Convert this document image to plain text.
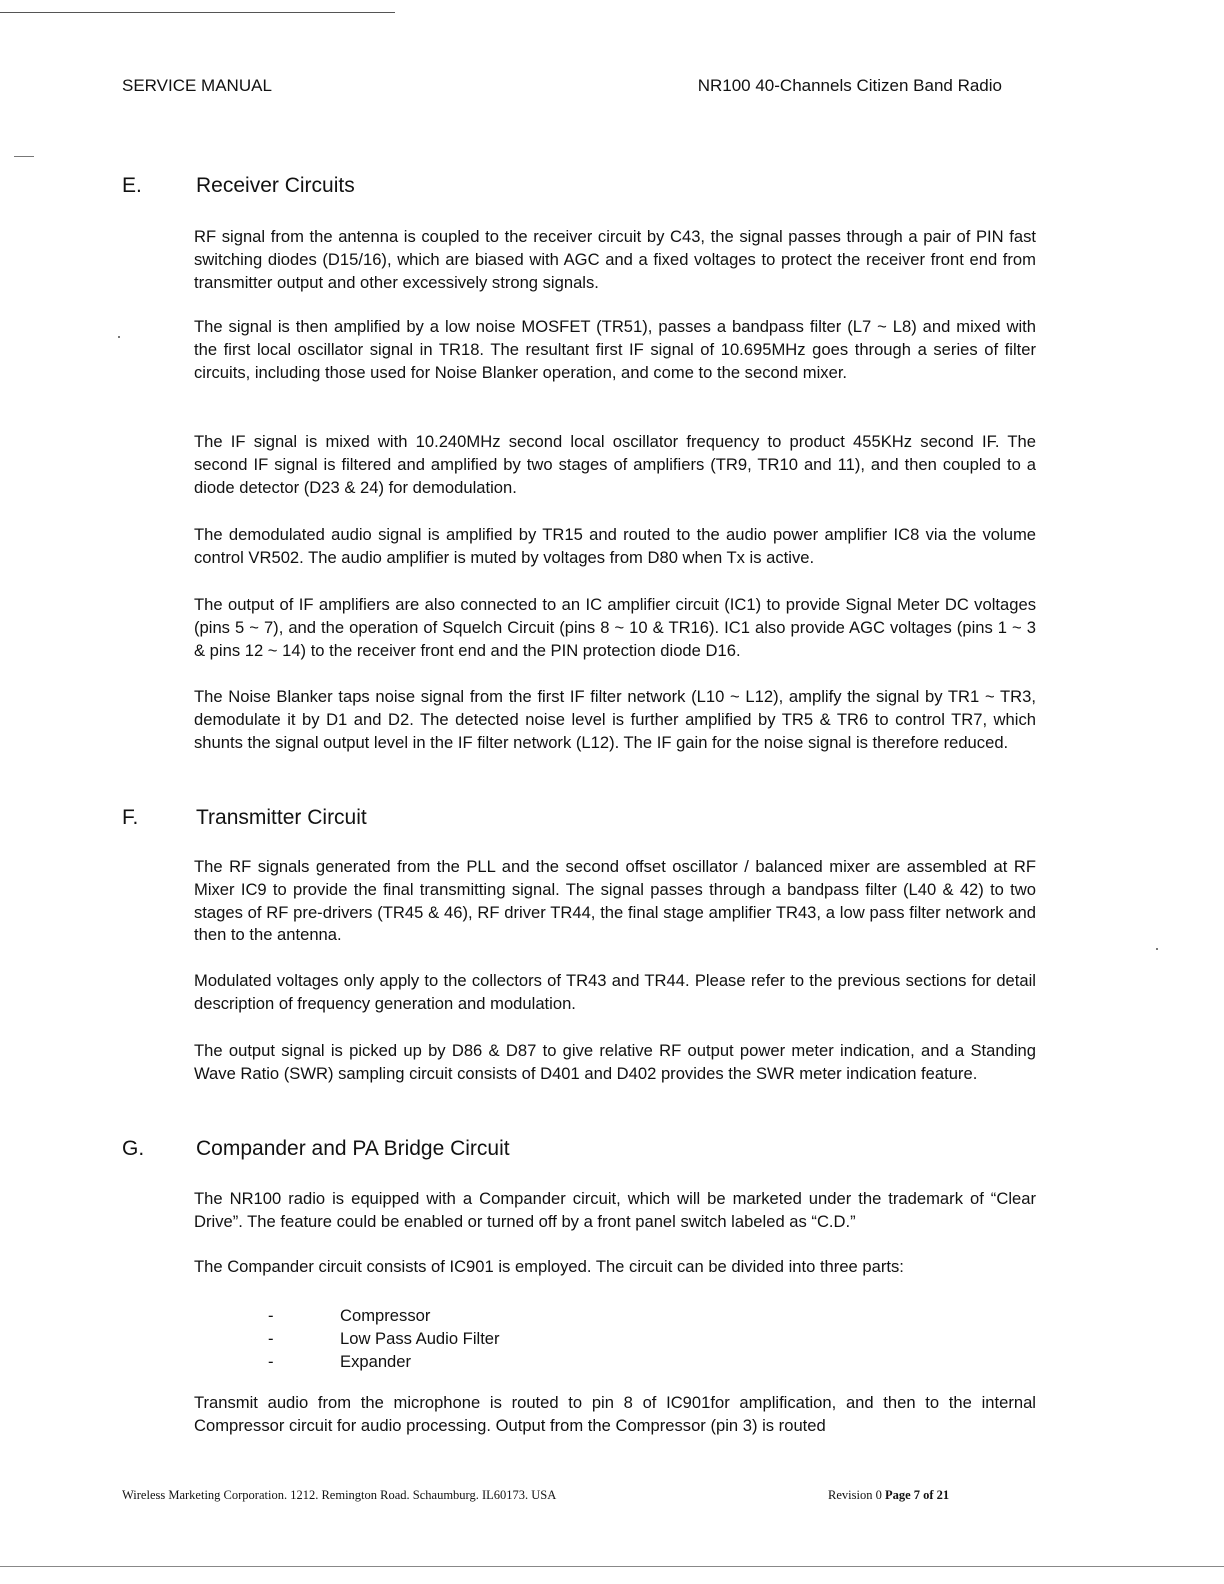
SERVICE MANUAL	NR100 40-Channels Citizen Band Radio
E.	Receiver Circuits

RF signal from the antenna is coupled to the receiver circuit by C43, the signal passes through a pair of PIN fast switching diodes (D15/16), which are biased with AGC and a fixed voltages to protect the receiver front end from transmitter output and other excessively strong signals.

The signal is then amplified by a low noise MOSFET (TR51), passes a bandpass filter (L7 ~ L8) and mixed with the first local oscillator signal in TR18. The resultant first IF signal of 10.695MHz goes through a series of filter circuits, including those used for Noise Blanker operation, and come to the second mixer.

The IF signal is mixed with 10.240MHz second local oscillator frequency to product 455KHz second IF. The second IF signal is filtered and amplified by two stages of amplifiers (TR9, TR10 and 11), and then coupled to a diode detector (D23 & 24) for demodulation.

The demodulated audio signal is amplified by TR15 and routed to the audio power amplifier IC8 via the volume control VR502. The audio amplifier is muted by voltages from D80 when Tx is active.

The output of IF amplifiers are also connected to an IC amplifier circuit (IC1) to provide Signal Meter DC voltages (pins 5 ~ 7), and the operation of Squelch Circuit (pins 8 ~ 10 & TR16). IC1 also provide AGC voltages (pins 1 ~ 3 & pins 12 ~ 14) to the receiver front end and the PIN protection diode D16.

The Noise Blanker taps noise signal from the first IF filter network (L10 ~ L12), amplify the signal by TR1 ~ TR3, demodulate it by D1 and D2. The detected noise level is further amplified by TR5 & TR6 to control TR7, which shunts the signal output level in the IF filter network (L12). The IF gain for the noise signal is therefore reduced.

F.	Transmitter Circuit

The RF signals generated from the PLL and the second offset oscillator / balanced mixer are assembled at RF Mixer IC9 to provide the final transmitting signal. The signal passes through a bandpass filter (L40 & 42) to two stages of RF pre-drivers (TR45 & 46), RF driver TR44, the final stage amplifier TR43, a low pass filter network and then to the antenna.

Modulated voltages only apply to the collectors of TR43 and TR44. Please refer to the previous sections for detail description of frequency generation and modulation.

The output signal is picked up by D86 & D87 to give relative RF output power meter indication, and a Standing Wave Ratio (SWR) sampling circuit consists of D401 and D402 provides the SWR meter indication feature.

G. Compander and PA Bridge Circuit

The NR100 radio is equipped with a Compander circuit, which will be marketed under the trademark of “Clear Drive”. The feature could be enabled or turned off by a front panel switch labeled as “C.D.”

The Compander circuit consists of IC901 is employed. The circuit can be divided into three parts:

-	Compressor
-	Low Pass Audio Filter
-	Expander

Transmit audio from the microphone is routed to pin 8 of IC901for amplification, and then to the internal Compressor circuit for audio processing. Output from the Compressor (pin 3) is routed

Wireless Marketing Corporation. 1212. Remington Road. Schaumburg. IL60173. USA	Revision 0 Page 7 of 21
